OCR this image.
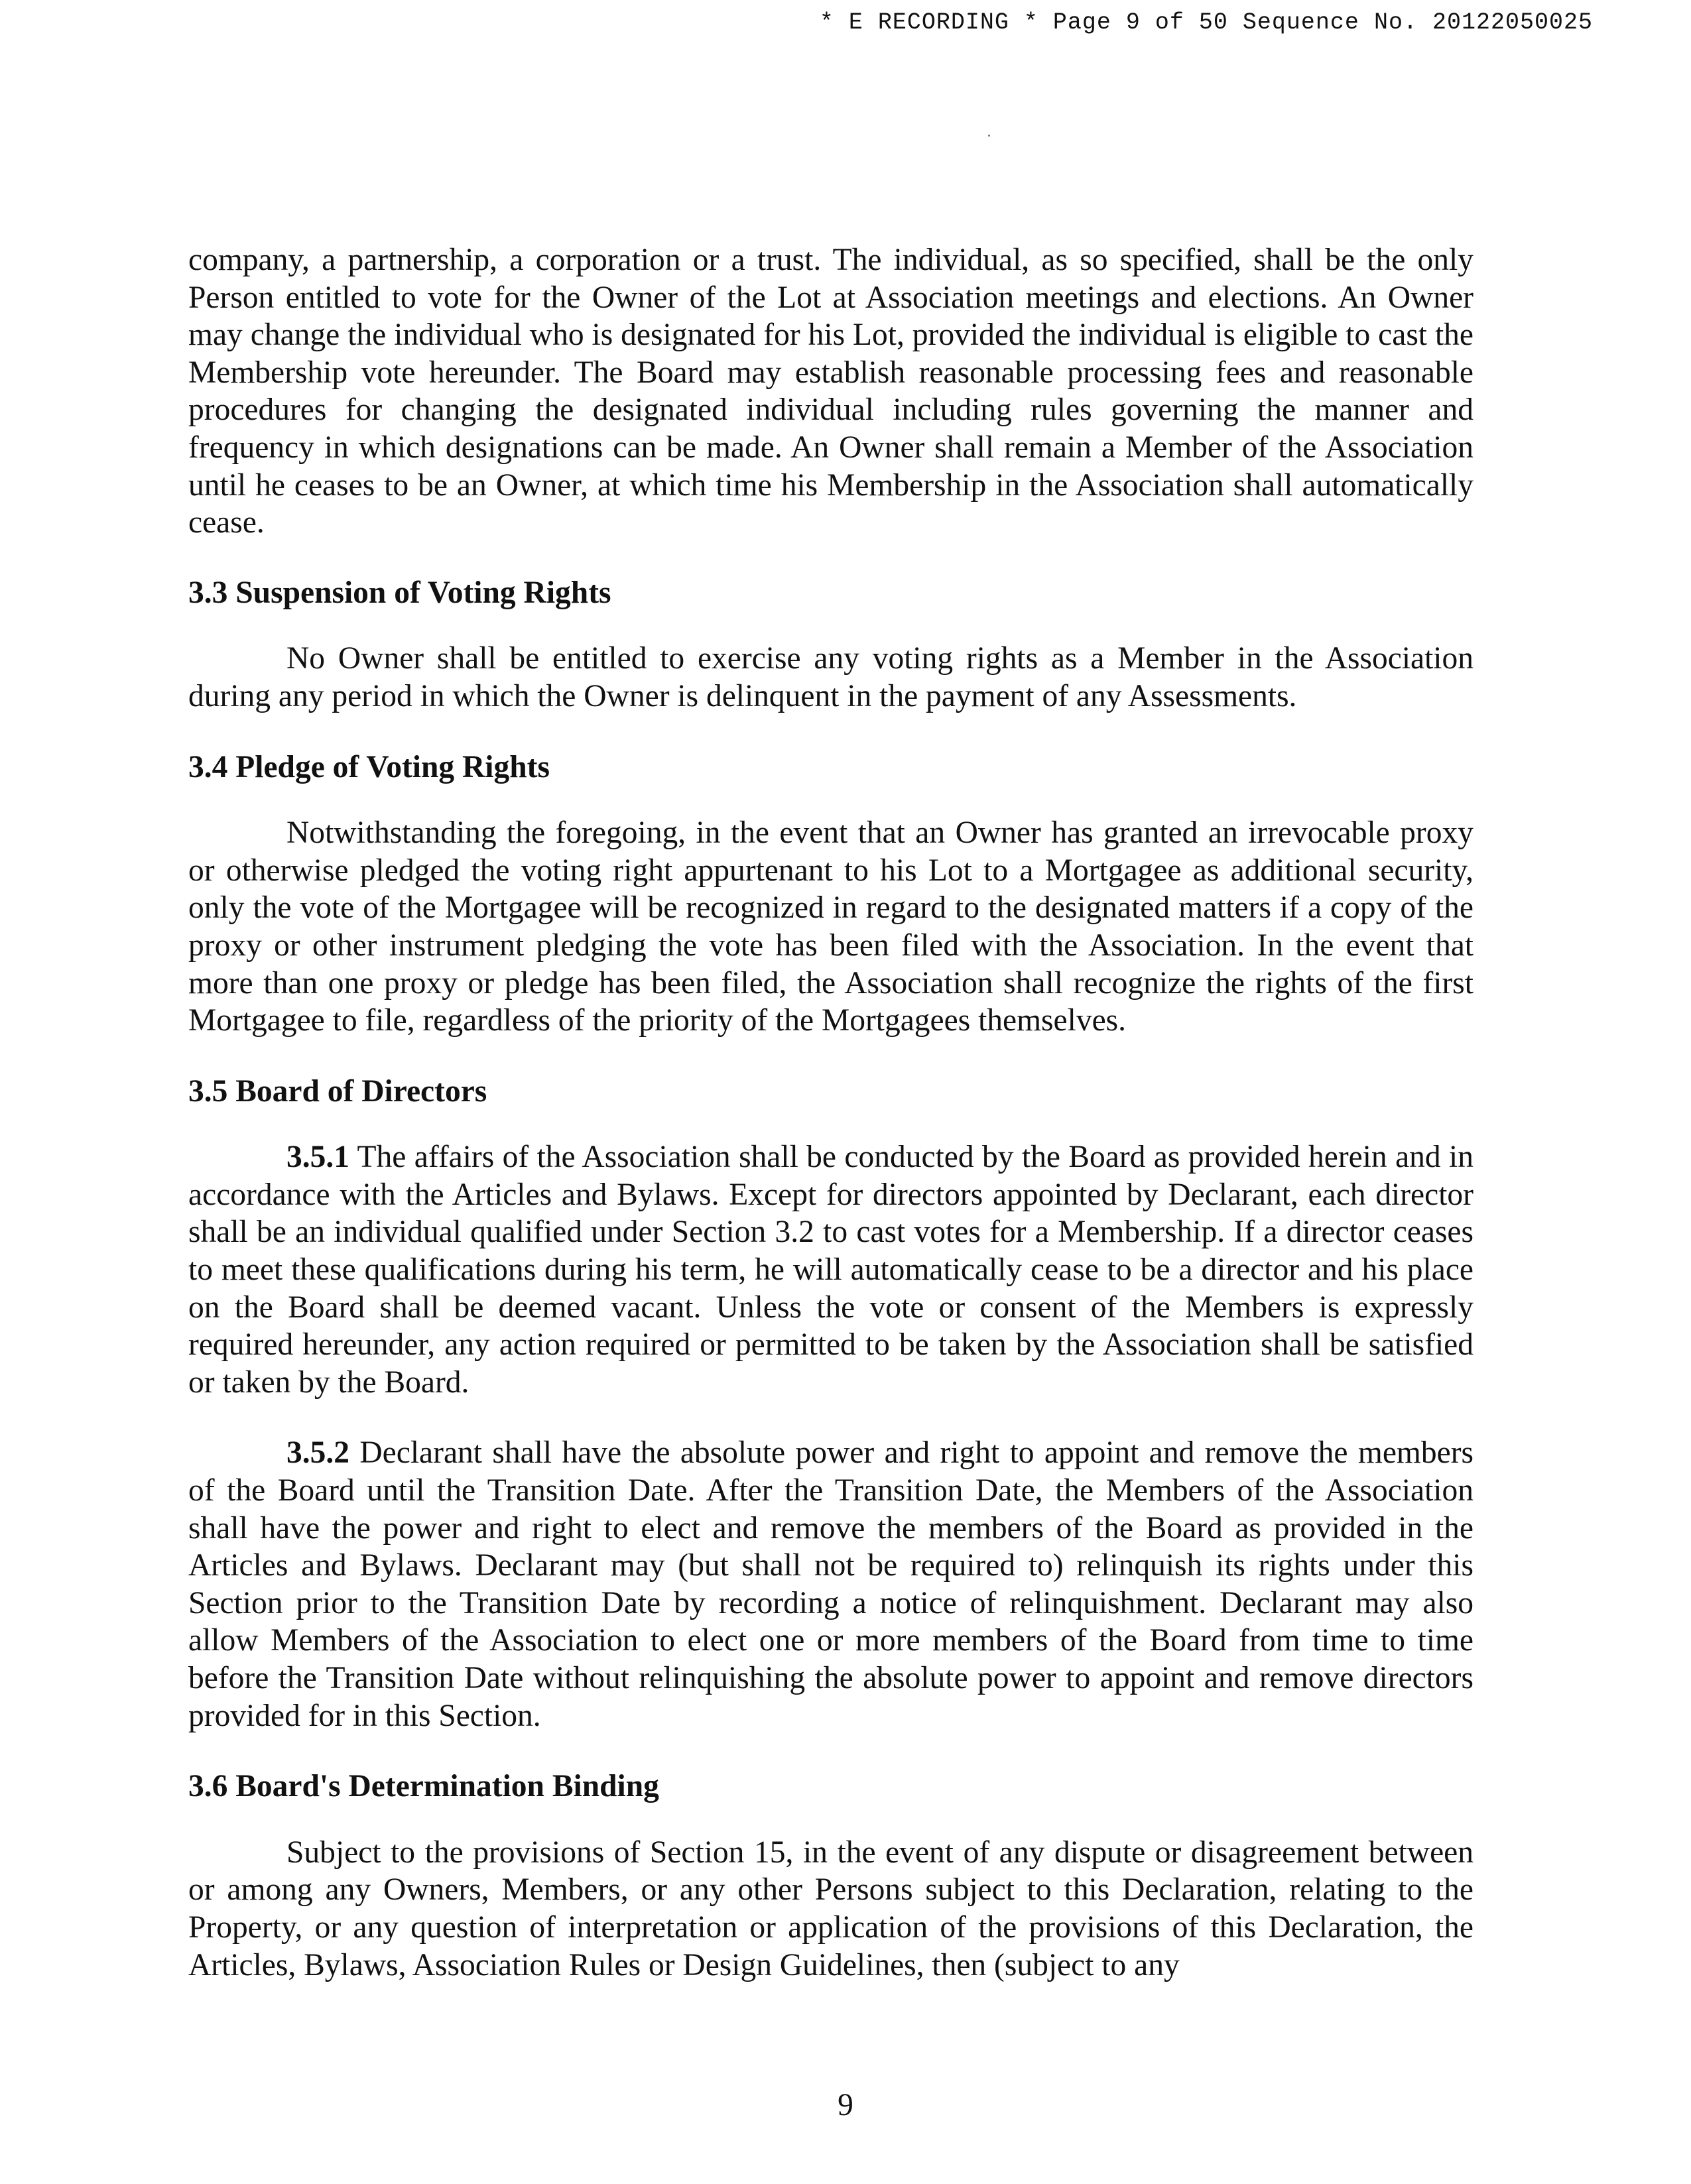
* E RECORDING * Page 9 of 50 Sequence No. 20122050025

company, a partnership, a corporation or a trust. The individual, as so specified, shall be the only Person entitled to vote for the Owner of the Lot at Association meetings and elections. An Owner may change the individual who is designated for his Lot, provided the individual is eligible to cast the Membership vote hereunder. The Board may establish reasonable processing fees and reasonable procedures for changing the designated individual including rules governing the manner and frequency in which designations can be made. An Owner shall remain a Member of the Association until he ceases to be an Owner, at which time his Membership in the Association shall automatically cease.

3.3 Suspension of Voting Rights

No Owner shall be entitled to exercise any voting rights as a Member in the Association during any period in which the Owner is delinquent in the payment of any Assessments.

3.4 Pledge of Voting Rights

Notwithstanding the foregoing, in the event that an Owner has granted an irrevocable proxy or otherwise pledged the voting right appurtenant to his Lot to a Mortgagee as additional security, only the vote of the Mortgagee will be recognized in regard to the designated matters if a copy of the proxy or other instrument pledging the vote has been filed with the Association. In the event that more than one proxy or pledge has been filed, the Association shall recognize the rights of the first Mortgagee to file, regardless of the priority of the Mortgagees themselves.

3.5 Board of Directors

3.5.1 The affairs of the Association shall be conducted by the Board as provided herein and in accordance with the Articles and Bylaws. Except for directors appointed by Declarant, each director shall be an individual qualified under Section 3.2 to cast votes for a Membership. If a director ceases to meet these qualifications during his term, he will automatically cease to be a director and his place on the Board shall be deemed vacant. Unless the vote or consent of the Members is expressly required hereunder, any action required or permitted to be taken by the Association shall be satisfied or taken by the Board.

3.5.2 Declarant shall have the absolute power and right to appoint and remove the members of the Board until the Transition Date. After the Transition Date, the Members of the Association shall have the power and right to elect and remove the members of the Board as provided in the Articles and Bylaws. Declarant may (but shall not be required to) relinquish its rights under this Section prior to the Transition Date by recording a notice of relinquishment. Declarant may also allow Members of the Association to elect one or more members of the Board from time to time before the Transition Date without relinquishing the absolute power to appoint and remove directors provided for in this Section.

3.6 Board's Determination Binding

Subject to the provisions of Section 15, in the event of any dispute or disagreement between or among any Owners, Members, or any other Persons subject to this Declaration, relating to the Property, or any question of interpretation or application of the provisions of this Declaration, the Articles, Bylaws, Association Rules or Design Guidelines, then (subject to any

9
